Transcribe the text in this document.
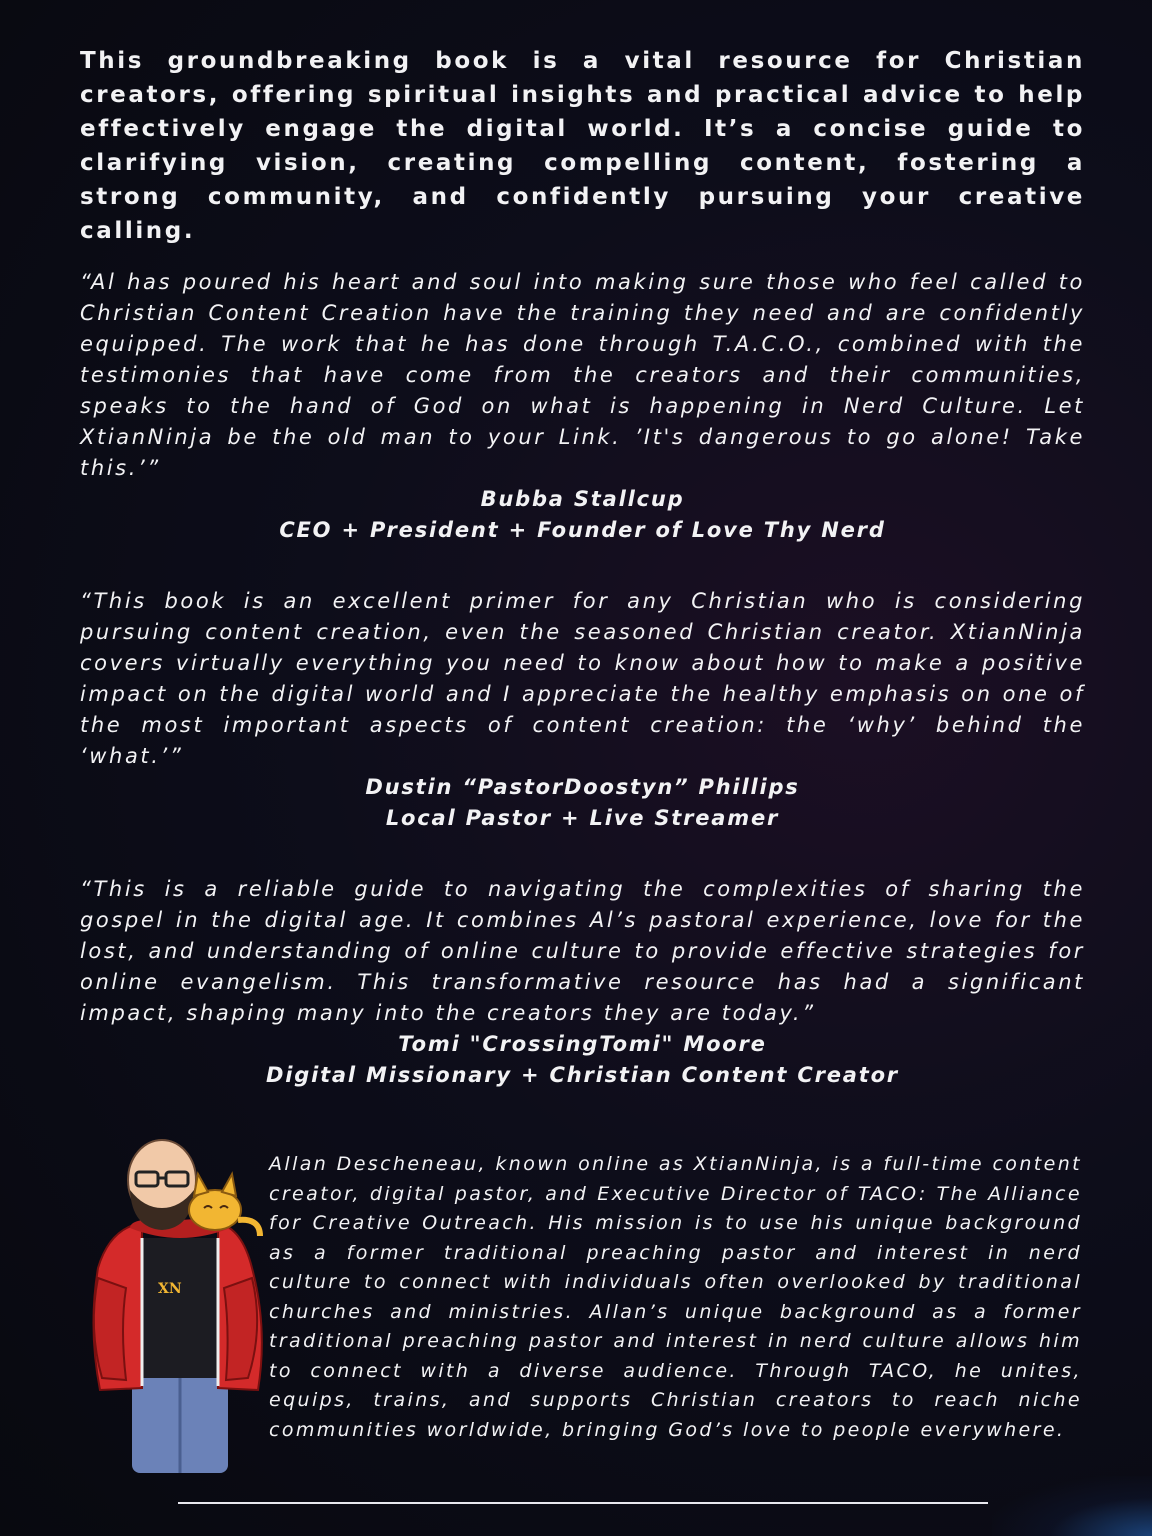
This groundbreaking book is a vital resource for Christian creators, offering spiritual insights and practical advice to help effectively engage the digital world. It’s a concise guide to clarifying vision, creating compelling content, fostering a strong community, and confidently pursuing your creative calling.

“Al has poured his heart and soul into making sure those who feel called to Christian Content Creation have the training they need and are confidently equipped. The work that he has done through T.A.C.O., combined with the testimonies that have come from the creators and their communities, speaks to the hand of God on what is happening in Nerd Culture. Let XtianNinja be the old man to your Link. ’It's dangerous to go alone! Take this.’”

Bubba Stallcup

CEO + President + Founder of Love Thy Nerd

“This book is an excellent primer for any Christian who is considering pursuing content creation, even the seasoned Christian creator. XtianNinja covers virtually everything you need to know about how to make a positive impact on the digital world and I appreciate the healthy emphasis on one of the most important aspects of content creation: the ‘why’ behind the ‘what.’”

Dustin “PastorDoostyn” Phillips

Local Pastor + Live Streamer

“This is a reliable guide to navigating the complexities of sharing the gospel in the digital age. It combines Al’s pastoral experience, love for the lost, and understanding of online culture to provide effective strategies for online evangelism. This transformative resource has had a significant impact, shaping many into the creators they are today.”

Tomi "CrossingTomi" Moore

Digital Missionary + Christian Content Creator

XN

Allan Descheneau, known online as XtianNinja, is a full-time content creator, digital pastor, and Executive Director of TACO: The Alliance for Creative Outreach. His mission is to use his unique background as a former traditional preaching pastor and interest in nerd culture to connect with individuals often overlooked by traditional churches and ministries. Allan’s unique background as a former traditional preaching pastor and interest in nerd culture allows him to connect with a diverse audience. Through TACO, he unites, equips, trains, and supports Christian creators to reach niche communities worldwide, bringing God’s love to people everywhere.
